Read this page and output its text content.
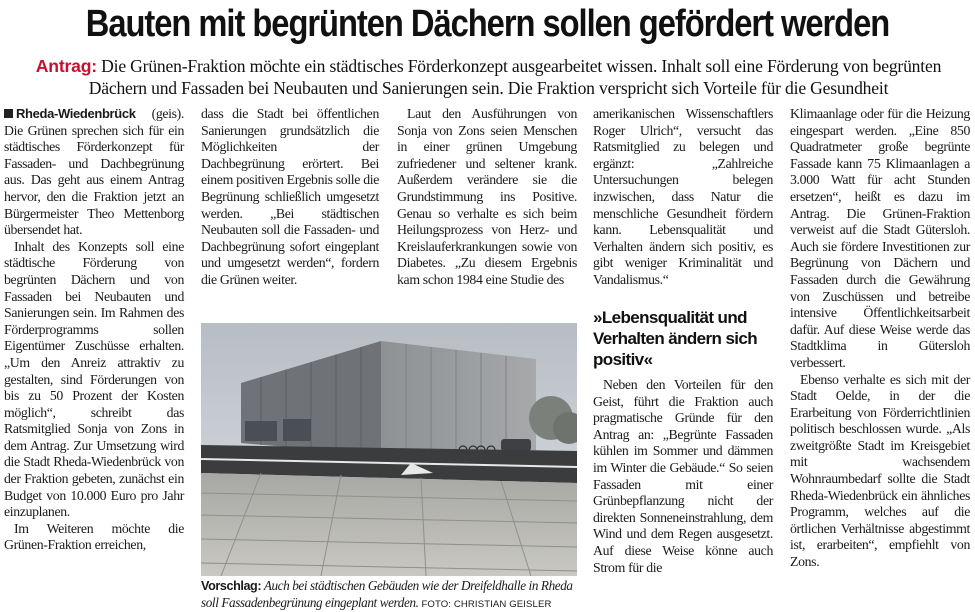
Bauten mit begrünten Dächern sollen gefördert werden
Antrag: Die Grünen-Fraktion möchte ein städtisches Förderkonzept ausgearbeitet wissen. Inhalt soll eine Förderung von begrünten Dächern und Fassaden bei Neubauten und Sanierungen sein. Die Fraktion verspricht sich Vorteile für die Gesundheit

Rheda-Wiedenbrück (geis). Die Grünen sprechen sich für ein städtisches Förderkonzept für Fassaden- und Dachbegrünung aus. Das geht aus einem Antrag hervor, den die Fraktion jetzt an Bürgermeister Theo Mettenborg übersendet hat.

Inhalt des Konzepts soll eine städtische Förderung von begrünten Dächern und von Fassaden bei Neubauten und Sanierungen sein. Im Rahmen des Förderprogramms sollen Eigentümer Zuschüsse erhalten. „Um den Anreiz attraktiv zu gestalten, sind Förderungen von bis zu 50 Prozent der Kosten möglich“, schreibt das Ratsmitglied Sonja von Zons in dem Antrag. Zur Umsetzung wird die Stadt Rheda-Wiedenbrück von der Fraktion gebeten, zunächst ein Budget von 10.000 Euro pro Jahr einzuplanen.

Im Weiteren möchte die Grünen-Fraktion erreichen,

dass die Stadt bei öffentlichen Sanierungen grundsätzlich die Möglichkeiten der Dachbegrünung erörtert. Bei einem positiven Ergebnis solle die Begrünung schließlich umgesetzt werden. „Bei städtischen Neubauten soll die Fassaden- und Dachbegrünung sofort eingeplant und umgesetzt werden“, fordern die Grünen weiter.

Laut den Ausführungen von Sonja von Zons seien Menschen in einer grünen Umgebung zufriedener und seltener krank. Außerdem verändere sie die Grundstimmung ins Positive. Genau so verhalte es sich beim Heilungsprozess von Herz- und Kreislauferkrankungen sowie von Diabetes. „Zu diesem Ergebnis kam schon 1984 eine Studie des

amerikanischen Wissenschaftlers Roger Ulrich“, versucht das Ratsmitglied zu belegen und ergänzt: „Zahlreiche Untersuchungen belegen inzwischen, dass Natur die menschliche Gesundheit fördern kann. Lebensqualität und Verhalten ändern sich positiv, es gibt weniger Kriminalität und Vandalismus.“

»Lebensqualität und Verhalten ändern sich positiv«

Neben den Vorteilen für den Geist, führt die Fraktion auch pragmatische Gründe für den Antrag an: „Begrünte Fassaden kühlen im Sommer und dämmen im Winter die Gebäude.“ So seien Fassaden mit einer Grünbepflanzung nicht der direkten Sonneneinstrahlung, dem Wind und dem Regen ausgesetzt. Auf diese Weise könne auch Strom für die

Klimaanlage oder für die Heizung eingespart werden. „Eine 850 Quadratmeter große begrünte Fassade kann 75 Klimaanlagen a 3.000 Watt für acht Stunden ersetzen“, heißt es dazu im Antrag. Die Grünen-Fraktion verweist auf die Stadt Gütersloh. Auch sie fördere Investitionen zur Begrünung von Dächern und Fassaden durch die Gewährung von Zuschüssen und betreibe intensive Öffentlichkeitsarbeit dafür. Auf diese Weise werde das Stadtklima in Gütersloh verbessert.

Ebenso verhalte es sich mit der Stadt Oelde, in der die Erarbeitung von Förderrichtlinien politisch beschlossen wurde. „Als zweitgrößte Stadt im Kreisgebiet mit wachsendem Wohnraumbedarf sollte die Stadt Rheda-Wiedenbrück ein ähnliches Programm, welches auf die örtlichen Verhältnisse abgestimmt ist, erarbeiten“, empfiehlt von Zons.

Vorschlag: Auch bei städtischen Gebäuden wie der Dreifeldhalle in Rheda soll Fassadenbegrünung eingeplant werden. FOTO: CHRISTIAN GEISLER
